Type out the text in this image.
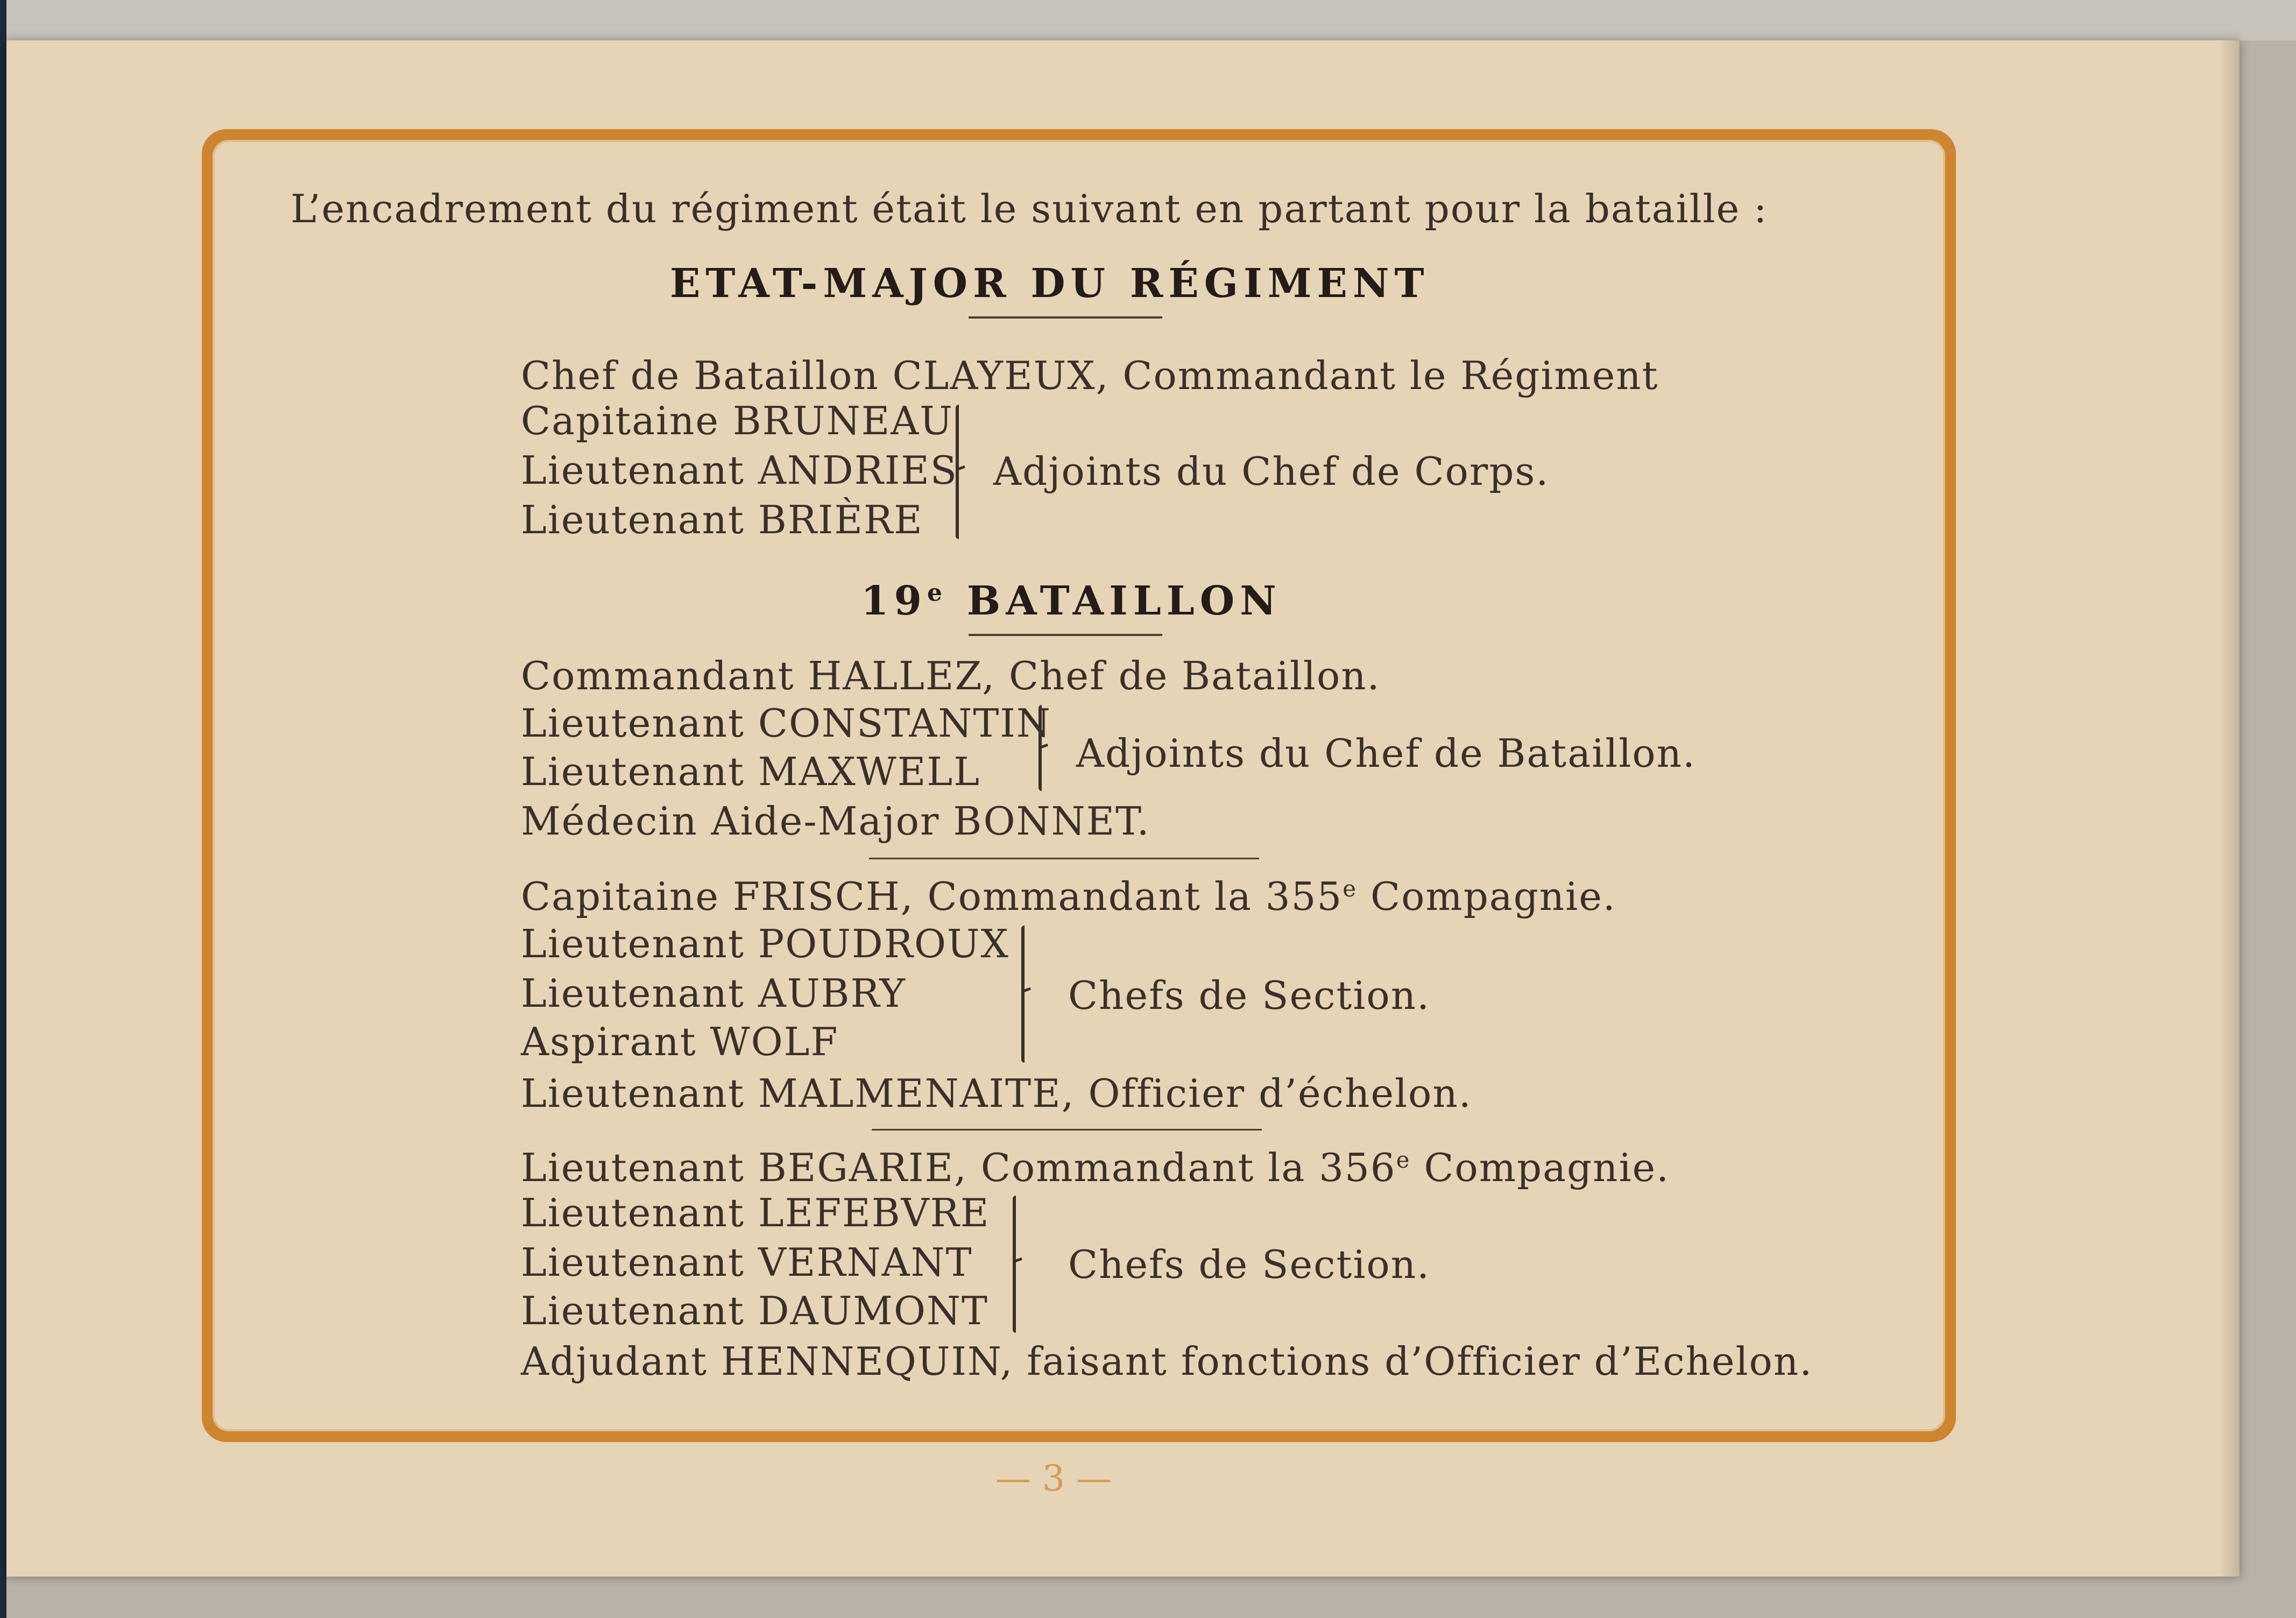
L’encadrement du régiment était le suivant en partant pour la bataille :
ETAT-MAJOR DU RÉGIMENT
Chef de Bataillon CLAYEUX, Commandant le Régiment
Capitaine BRUNEAU
Lieutenant ANDRIES
Lieutenant BRIÈRE
Adjoints du Chef de Corps.
19e BATAILLON
Commandant HALLEZ, Chef de Bataillon.
Lieutenant CONSTANTIN
Lieutenant MAXWELL Adjoints du Chef de Bataillon.
Médecin Aide-Major BONNET.
Capitaine FRISCH, Commandant la 355e Compagnie.
Lieutenant POUDROUX
Lieutenant AUBRY
Aspirant WOLF
Chefs de Section.
Lieutenant MALMENAITE, Officier d’échelon.
Lieutenant BEGARIE, Commandant la 356e Compagnie.
Lieutenant LEFEBVRE
Lieutenant VERNANT
Lieutenant DAUMONT
Chefs de Section.
Adjudant HENNEQUIN, faisant fonctions d’Officier d’Echelon.
— 3 —
